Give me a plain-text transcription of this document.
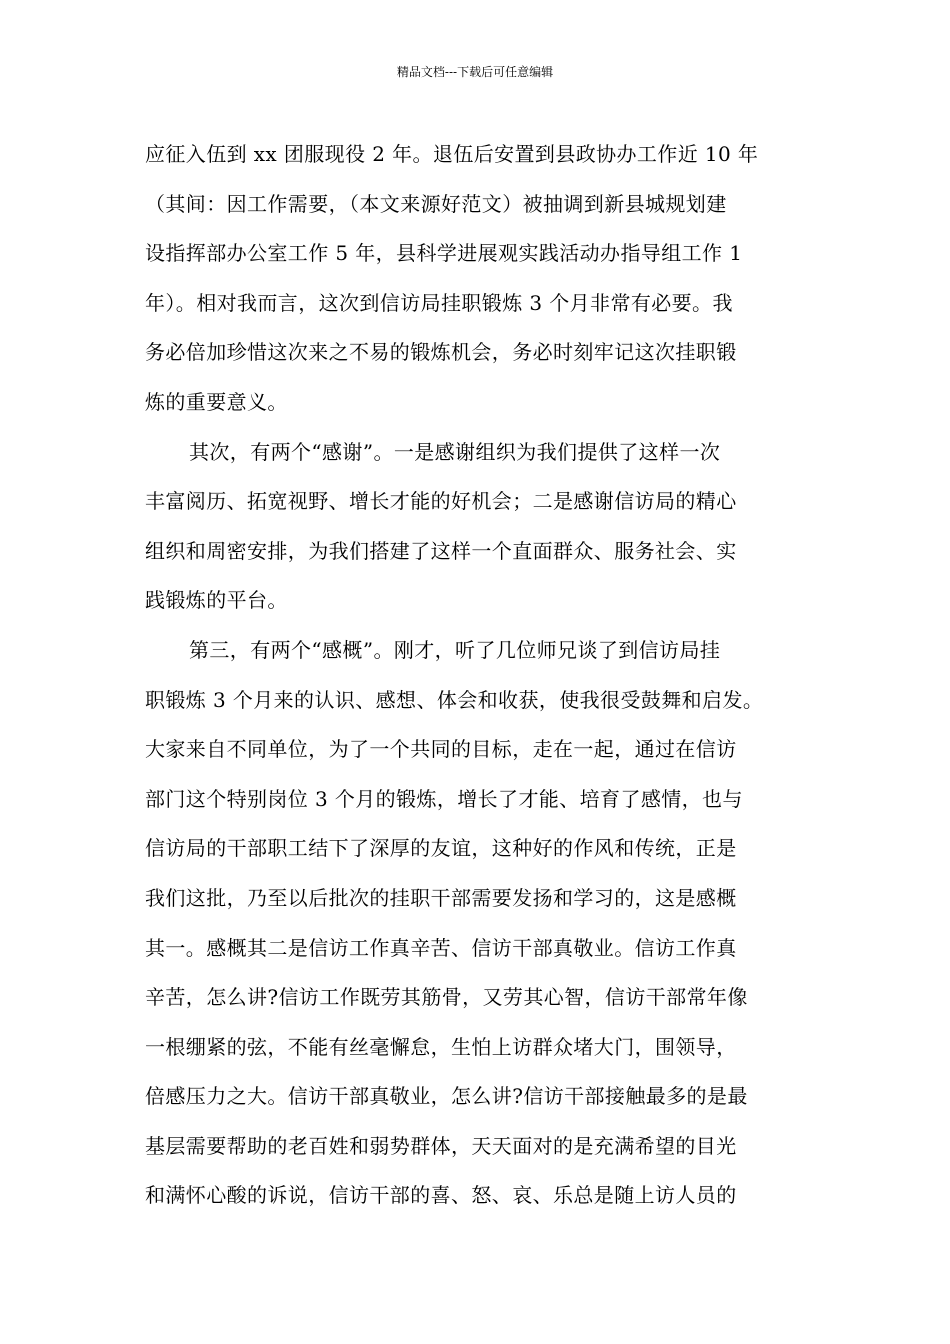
精品文档---下载后可任意编辑
应征入伍到 xx 团服现役 2 年。退伍后安置到县政协办工作近 10 年
（其间：因工作需要，（本文来源好范文）被抽调到新县城规划建
设指挥部办公室工作 5 年，县科学进展观实践活动办指导组工作 1
年）。相对我而言，这次到信访局挂职锻炼 3 个月非常有必要。我
务必倍加珍惜这次来之不易的锻炼机会，务必时刻牢记这次挂职锻
炼的重要意义。
其次，有两个“感谢”。一是感谢组织为我们提供了这样一次
丰富阅历、拓宽视野、增长才能的好机会；二是感谢信访局的精心
组织和周密安排，为我们搭建了这样一个直面群众、服务社会、实
践锻炼的平台。
第三，有两个“感概”。刚才，听了几位师兄谈了到信访局挂
职锻炼 3 个月来的认识、感想、体会和收获，使我很受鼓舞和启发。
大家来自不同单位，为了一个共同的目标，走在一起，通过在信访
部门这个特别岗位 3 个月的锻炼，增长了才能、培育了感情，也与
信访局的干部职工结下了深厚的友谊，这种好的作风和传统，正是
我们这批，乃至以后批次的挂职干部需要发扬和学习的，这是感概
其一。感概其二是信访工作真辛苦、信访干部真敬业。信访工作真
辛苦，怎么讲?信访工作既劳其筋骨，又劳其心智，信访干部常年像
一根绷紧的弦，不能有丝毫懈怠，生怕上访群众堵大门，围领导，
倍感压力之大。信访干部真敬业，怎么讲?信访干部接触最多的是最
基层需要帮助的老百姓和弱势群体，天天面对的是充满希望的目光
和满怀心酸的诉说，信访干部的喜、怒、哀、乐总是随上访人员的
